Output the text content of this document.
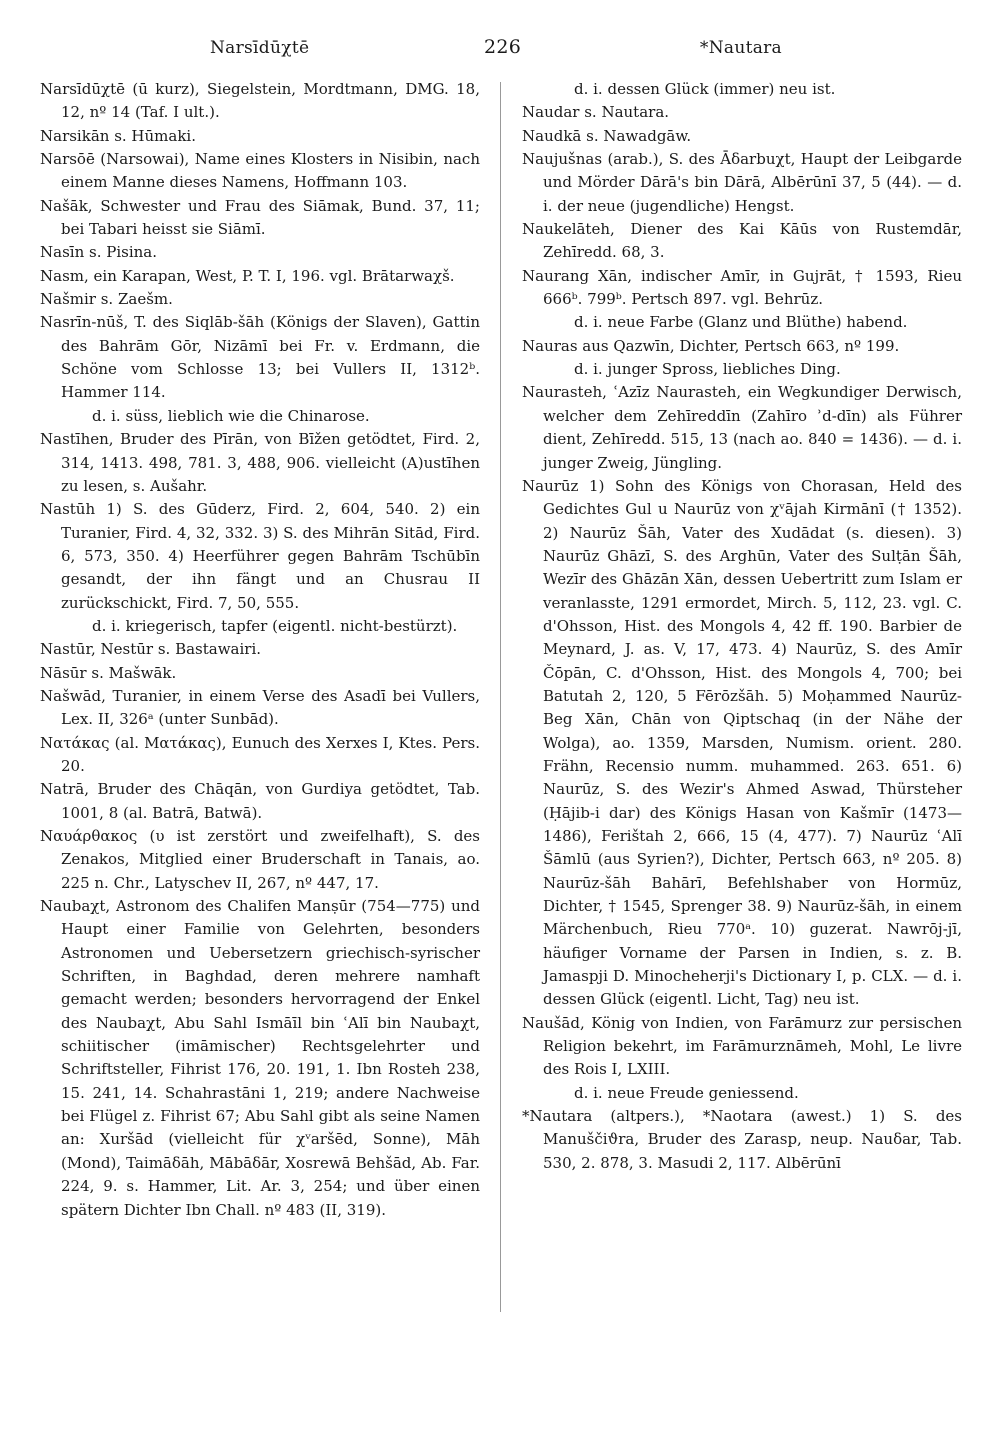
Narsīdūχtē	226	*Nautara

Narsīdūχtē (ū kurz), Siegelstein, Mordtmann, DMG. 18, 12, nº 14 (Taf. I ult.).

Narsikān s. Hūmaki.

Narsōē (Narsowai), Name eines Klosters in Nisibin, nach einem Manne dieses Namens, Hoffmann 103.

Našāk, Schwester und Frau des Siāmak, Bund. 37, 11; bei Tabari heisst sie Siāmī.

Nasīn s. Pisina.

Nasm, ein Karapan, West, P. T. I, 196. vgl. Brātarwaχš.

Našmir s. Zaešm.

Nasrīn-nūš, T. des Siqlāb-šāh (Königs der Slaven), Gattin des Bahrām Gōr, Nizāmī bei Fr. v. Erdmann, die Schöne vom Schlosse 13; bei Vullers II, 1312ᵇ. Hammer 114.

d. i. süss, lieblich wie die Chinarose.

Nastīhen, Bruder des Pīrān, von Bīžen getödtet, Fird. 2, 314, 1413. 498, 781. 3, 488, 906. vielleicht (A)ustīhen zu lesen, s. Aušahr.

Nastūh 1) S. des Gūderz, Fird. 2, 604, 540. 2) ein Turanier, Fird. 4, 32, 332. 3) S. des Mihrān Sitād, Fird. 6, 573, 350. 4) Heerführer gegen Bahrām Tschūbīn gesandt, der ihn fängt und an Chusrau II zurückschickt, Fird. 7, 50, 555.

d. i. kriegerisch, tapfer (eigentl. nicht-bestürzt).

Nastūr, Nestūr s. Bastawairi.

Nāsūr s. Mašwāk.

Našwād, Turanier, in einem Verse des Asadī bei Vullers, Lex. II, 326ᵃ (unter Sunbād).

Νατάκας (al. Ματάκας), Eunuch des Xerxes I, Ktes. Pers. 20.

Natrā, Bruder des Chāqān, von Gurdiya getödtet, Tab. 1001, 8 (al. Batrā, Batwā).

Ναυάρθακος (υ ist zerstört und zweifelhaft), S. des Zenakos, Mitglied einer Bruderschaft in Tanais, ao. 225 n. Chr., Latyschev II, 267, nº 447, 17.

Naubaχt, Astronom des Chalifen Manṣūr (754—775) und Haupt einer Familie von Gelehrten, besonders Astronomen und Uebersetzern griechisch-syrischer Schriften, in Baghdad, deren mehrere namhaft gemacht werden; besonders hervorragend der Enkel des Naubaχt, Abu Sahl Ismāīl bin ʿAlī bin Naubaχt, schiitischer (imāmischer) Rechtsgelehrter und Schriftsteller, Fihrist 176, 20. 191, 1. Ibn Rosteh 238, 15. 241, 14. Schahrastāni 1, 219; andere Nachweise bei Flügel z. Fihrist 67; Abu Sahl gibt als seine Namen an: Xuršād (vielleicht für χᵛaršēd, Sonne), Māh (Mond), Taimāδāh, Mābāδār, Xosrewā Behšād, Ab. Far. 224, 9. s. Hammer, Lit. Ar. 3, 254; und über einen spätern Dichter Ibn Chall. nº 483 (II, 319).

d. i. dessen Glück (immer) neu ist.

Naudar s. Nautara.

Naudkā s. Nawadgāw.

Naujušnas (arab.), S. des Āδarbuχt, Haupt der Leibgarde und Mörder Dārā's bin Dārā, Albērūnī 37, 5 (44). — d. i. der neue (jugendliche) Hengst.

Naukelāteh, Diener des Kai Kāūs von Rustemdār, Zehīredd. 68, 3.

Naurang Xān, indischer Amīr, in Gujrāt, † 1593, Rieu 666ᵇ. 799ᵇ. Pertsch 897. vgl. Behrūz.

d. i. neue Farbe (Glanz und Blüthe) habend.

Nauras aus Qazwīn, Dichter, Pertsch 663, nº 199.

d. i. junger Spross, liebliches Ding.

Naurasteh, ʿAzīz Naurasteh, ein Wegkundiger Derwisch, welcher dem Zehīreddīn (Zahīro ʾd-dīn) als Führer dient, Zehīredd. 515, 13 (nach ao. 840 = 1436). — d. i. junger Zweig, Jüngling.

Naurūz 1) Sohn des Königs von Chorasan, Held des Gedichtes Gul u Naurūz von χᵛājah Kirmānī († 1352). 2) Naurūz Šāh, Vater des Xudādat (s. diesen). 3) Naurūz Ghāzī, S. des Arghūn, Vater des Sulṭān Šāh, Wezīr des Ghāzān Xān, dessen Uebertritt zum Islam er veranlasste, 1291 ermordet, Mirch. 5, 112, 23. vgl. C. d'Ohsson, Hist. des Mongols 4, 42 ff. 190. Barbier de Meynard, J. as. V, 17, 473. 4) Naurūz, S. des Amīr Čōpān, C. d'Ohsson, Hist. des Mongols 4, 700; bei Batutah 2, 120, 5 Fērōzšāh. 5) Moḥammed Naurūz-Beg Xān, Chān von Qiptschaq (in der Nähe der Wolga), ao. 1359, Marsden, Numism. orient. 280. Frähn, Recensio numm. muhammed. 263. 651. 6) Naurūz, S. des Wezir's Ahmed Aswad, Thürsteher (Ḥājib-i dar) des Königs Hasan von Kašmīr (1473—1486), Ferištah 2, 666, 15 (4, 477). 7) Naurūz ʿAlī Šāmlū (aus Syrien?), Dichter, Pertsch 663, nº 205. 8) Naurūz-šāh Bahārī, Befehlshaber von Hormūz, Dichter, † 1545, Sprenger 38. 9) Naurūz-šāh, in einem Märchenbuch, Rieu 770ᵃ. 10) guzerat. Nawrōj-jī, häufiger Vorname der Parsen in Indien, s. z. B. Jamaspji D. Minocheherji's Dictionary I, p. CLX. — d. i. dessen Glück (eigentl. Licht, Tag) neu ist.

Naušād, König von Indien, von Farāmurz zur persischen Religion bekehrt, im Farāmurznāmeh, Mohl, Le livre des Rois I, LXIII.

d. i. neue Freude geniessend.

*Nautara (altpers.), *Naotara (awest.) 1) S. des Manuščiϑra, Bruder des Zarasp, neup. Nauδar, Tab. 530, 2. 878, 3. Masudi 2, 117. Albērūnī
